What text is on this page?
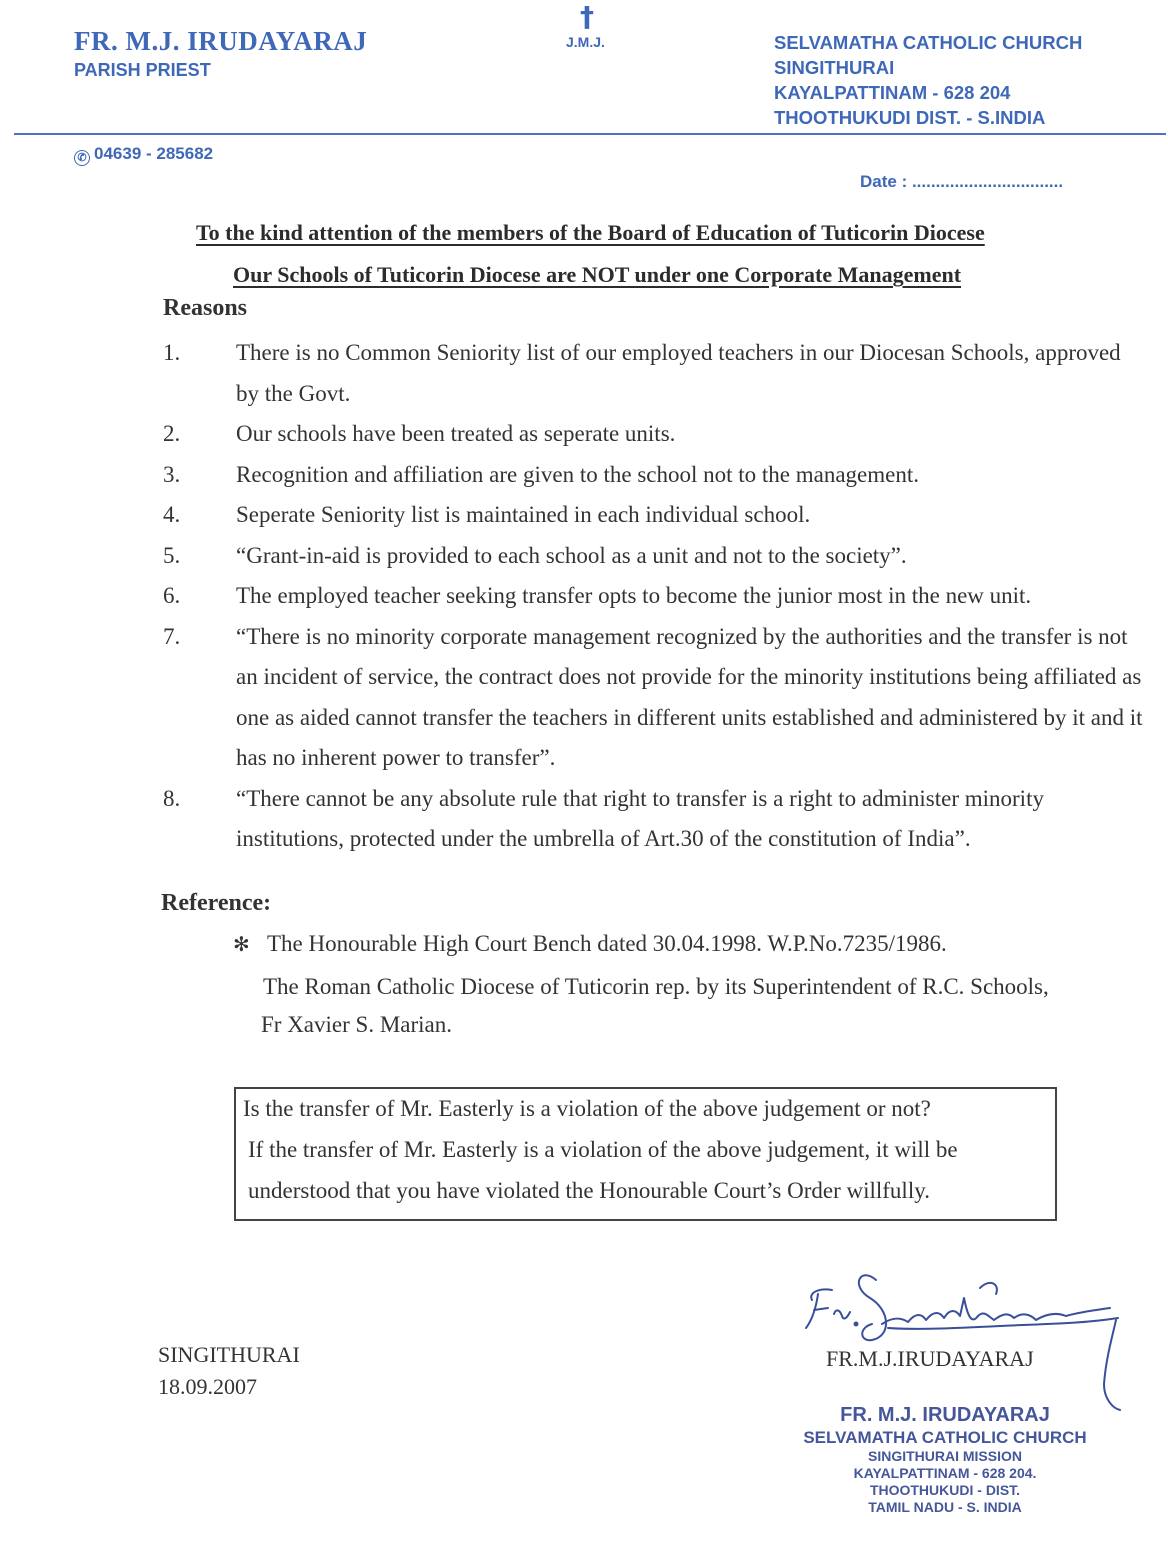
FR. M.J. IRUDAYARAJ
PARISH PRIEST
†
J.M.J.	SELVAMATHA CATHOLIC CHURCH
SINGITHURAI
KAYALPATTINAM - 628 204
THOOTHUKUDI DIST. - S.INDIA
✆ 04639 - 285682
Date : ................................
To the kind attention of the members of the Board of Education of Tuticorin Diocese
Our Schools of Tuticorin Diocese are NOT under one Corporate Management
Reasons
1.	There is no Common Seniority list of our employed teachers in our Diocesan Schools, approved by the Govt.
2.	Our schools have been treated as seperate units.
3.	Recognition and affiliation are given to the school not to the management.
4.	Seperate Seniority list is maintained in each individual school.
5.	“Grant-in-aid is provided to each school as a unit and not to the society”.
6.	The employed teacher seeking transfer opts to become the junior most in the new unit.
7.	“There is no minority corporate management recognized by the authorities and the transfer is not an incident of service, the contract does not provide for the minority institutions being affiliated as one as aided cannot transfer the teachers in different units established and administered by it and it has no inherent power to transfer”.
8.	“There cannot be any absolute rule that right to transfer is a right to administer minority institutions, protected under the umbrella of Art.30 of the constitution of India”.
Reference:
✻ The Honourable High Court Bench dated 30.04.1998. W.P.No.7235/1986.
The Roman Catholic Diocese of Tuticorin rep. by its Superintendent of R.C. Schools,
Fr Xavier S. Marian.
Is the transfer of Mr. Easterly is a violation of the above judgement or not?
If the transfer of Mr. Easterly is a violation of the above judgement, it will be
understood that you have violated the Honourable Court’s Order willfully.
SINGITHURAI
18.09.2007
FR.M.J.IRUDAYARAJ
FR. M.J. IRUDAYARAJ
SELVAMATHA CATHOLIC CHURCH
SINGITHURAI MISSION
KAYALPATTINAM - 628 204.
THOOTHUKUDI - DIST.
TAMIL NADU - S. INDIA
